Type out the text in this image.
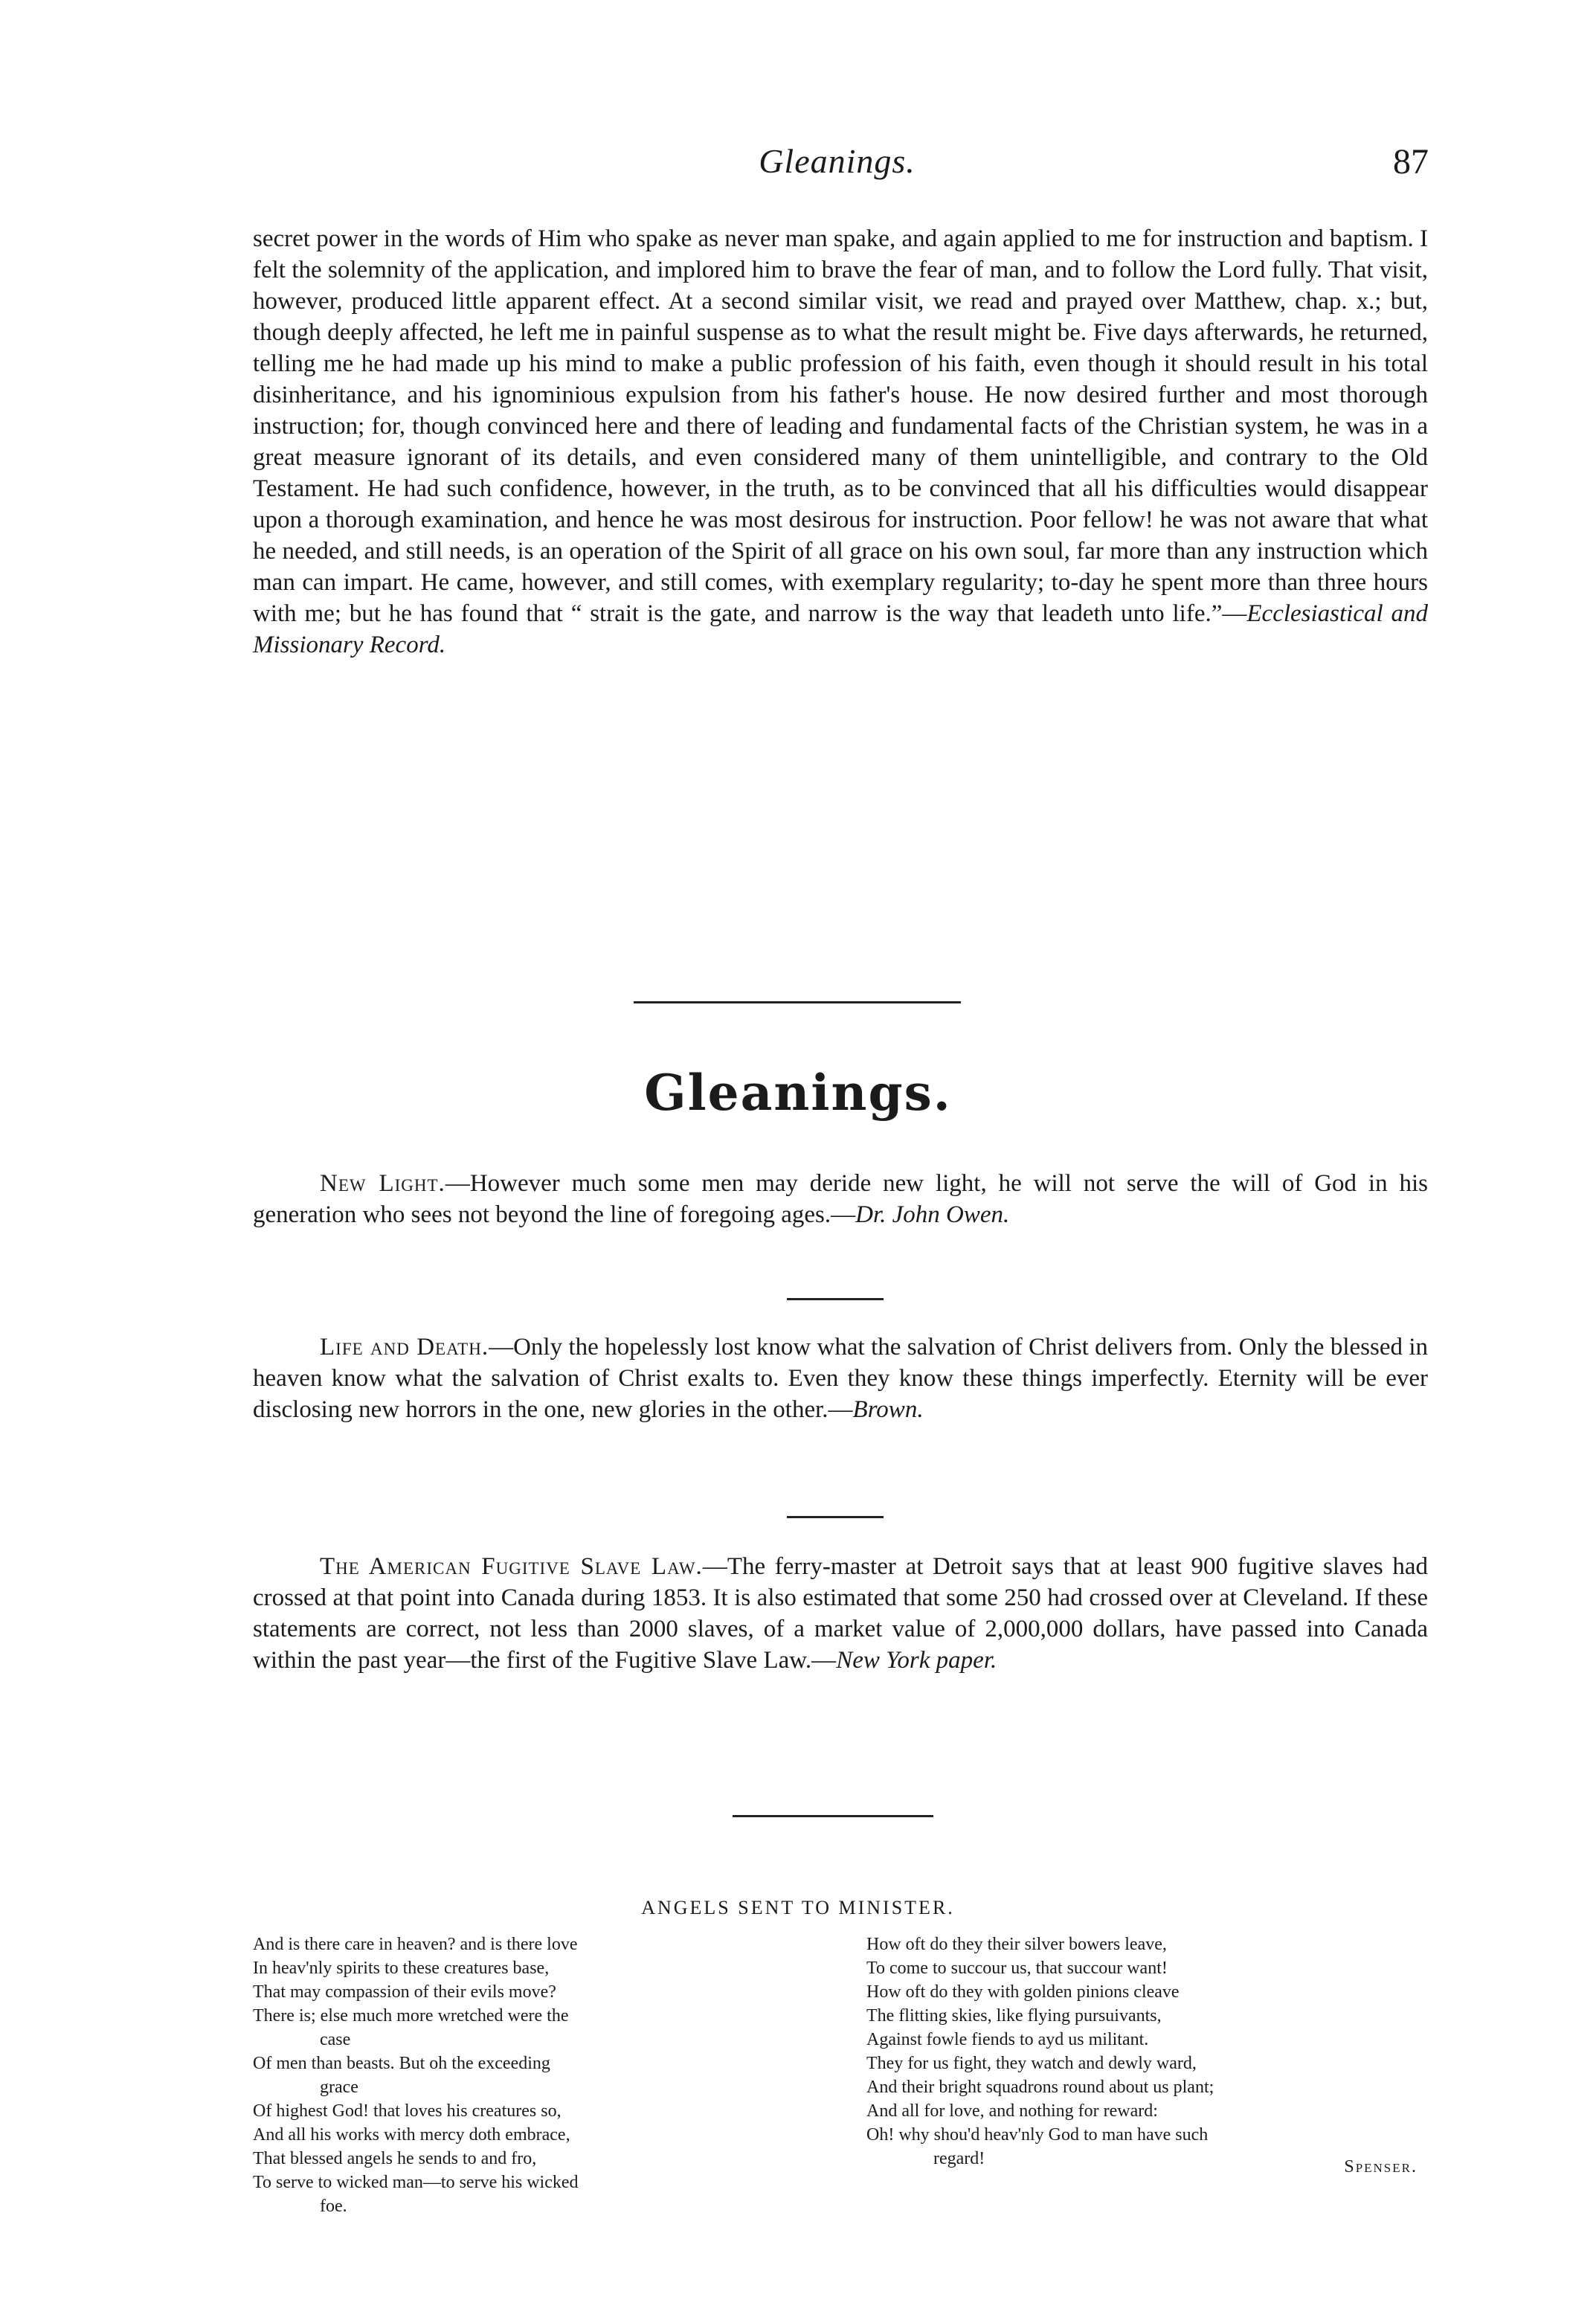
Gleanings.	87

secret power in the words of Him who spake as never man spake, and again applied to me for instruction and baptism. I felt the solemnity of the application, and implored him to brave the fear of man, and to follow the Lord fully. That visit, however, produced little apparent effect. At a second similar visit, we read and prayed over Matthew, chap. x.; but, though deeply affected, he left me in painful suspense as to what the result might be. Five days afterwards, he returned, telling me he had made up his mind to make a public profession of his faith, even though it should result in his total disinheritance, and his ignominious expulsion from his father's house. He now desired further and most thorough instruction; for, though convinced here and there of leading and fundamental facts of the Christian system, he was in a great measure ignorant of its details, and even considered many of them unintelligible, and contrary to the Old Testament. He had such confidence, however, in the truth, as to be convinced that all his difficulties would disappear upon a thorough examination, and hence he was most desirous for instruction. Poor fellow! he was not aware that what he needed, and still needs, is an operation of the Spirit of all grace on his own soul, far more than any instruction which man can impart. He came, however, and still comes, with exemplary regularity; to-day he spent more than three hours with me; but he has found that “ strait is the gate, and narrow is the way that leadeth unto life.”—Ecclesiastical and Missionary Record.

Gleanings.

New Light.—However much some men may deride new light, he will not serve the will of God in his generation who sees not beyond the line of foregoing ages.—Dr. John Owen.

Life and Death.—Only the hopelessly lost know what the salvation of Christ delivers from. Only the blessed in heaven know what the salvation of Christ exalts to. Even they know these things imperfectly. Eternity will be ever disclosing new horrors in the one, new glories in the other.—Brown.

The American Fugitive Slave Law.—The ferry-master at Detroit says that at least 900 fugitive slaves had crossed at that point into Canada during 1853. It is also estimated that some 250 had crossed over at Cleveland. If these statements are correct, not less than 2000 slaves, of a market value of 2,000,000 dollars, have passed into Canada within the past year—the first of the Fugitive Slave Law.—New York paper.

ANGELS SENT TO MINISTER.
And is there care in heaven? and is there love
In heav'nly spirits to these creatures base,
That may compassion of their evils move?
There is; else much more wretched were the
case
Of men than beasts. But oh the exceeding
grace
Of highest God! that loves his creatures so,
And all his works with mercy doth embrace,
That blessed angels he sends to and fro,
To serve to wicked man—to serve his wicked
foe.
How oft do they their silver bowers leave,
To come to succour us, that succour want!
How oft do they with golden pinions cleave
The flitting skies, like flying pursuivants,
Against fowle fiends to ayd us militant.
They for us fight, they watch and dewly ward,
And their bright squadrons round about us plant;
And all for love, and nothing for reward:
Oh! why shou'd heav'nly God to man have such
regard!	Spenser.
